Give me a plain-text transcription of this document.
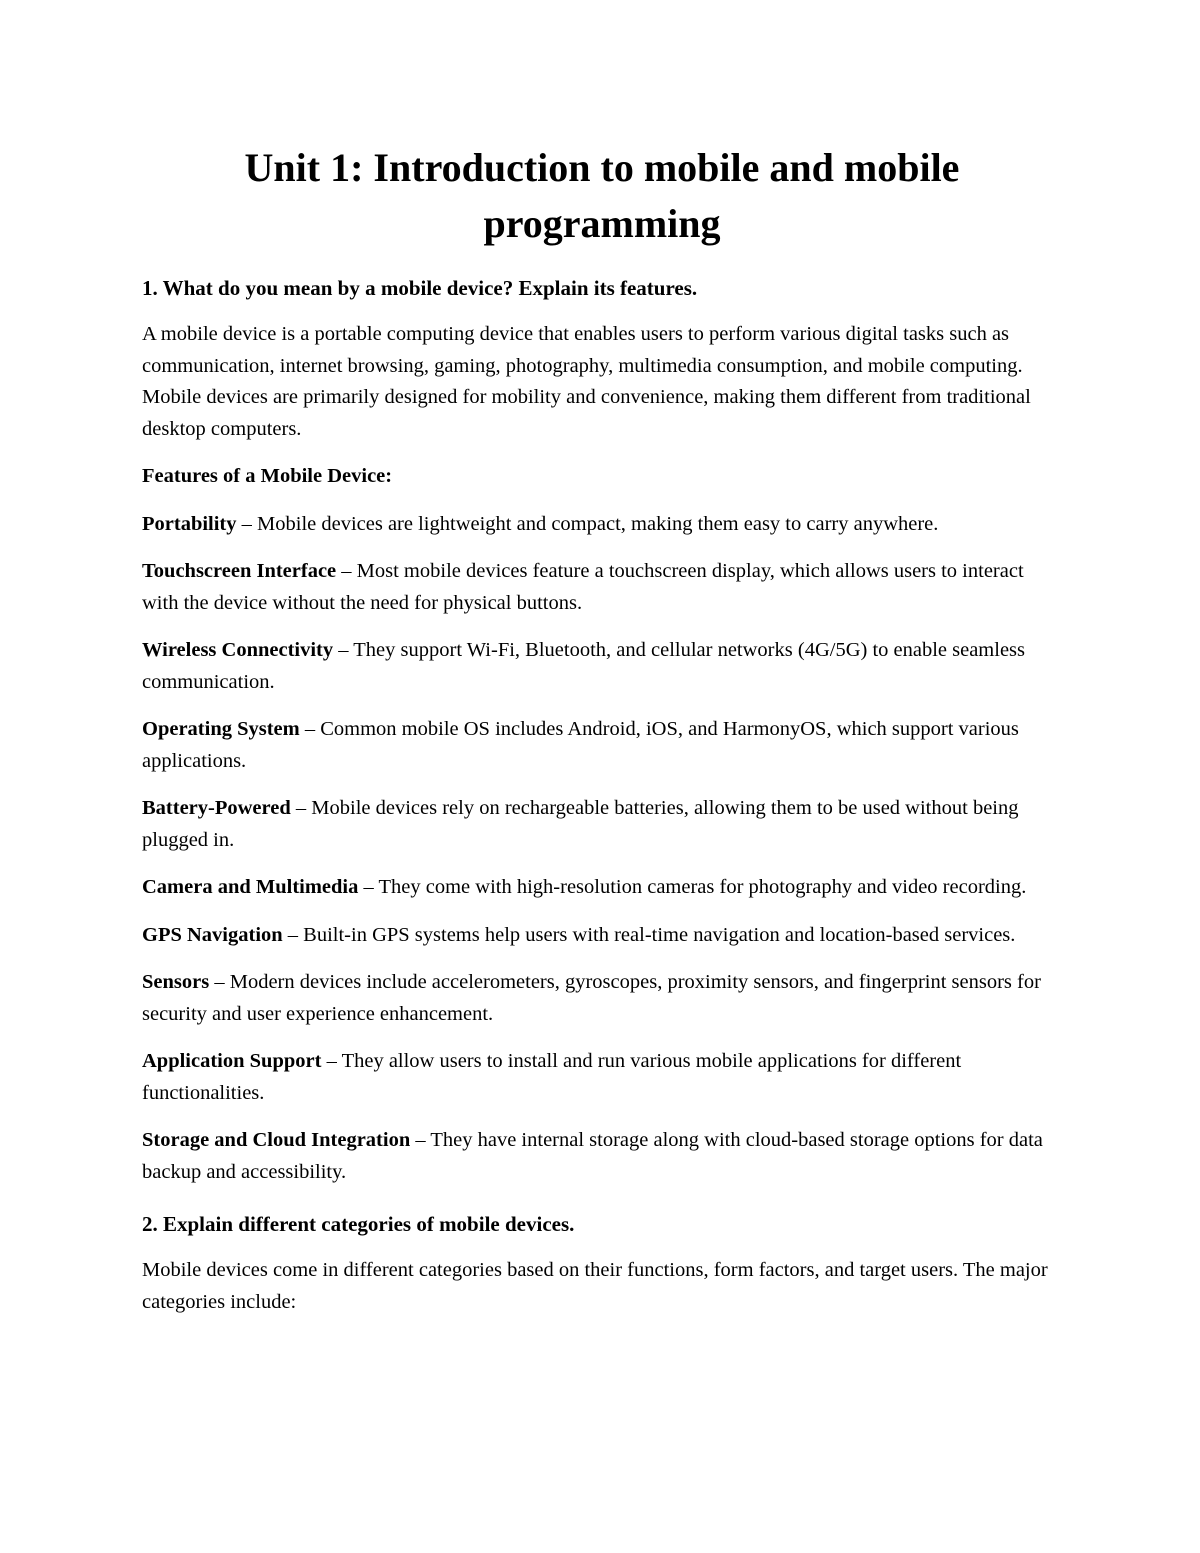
Unit 1: Introduction to mobile and mobile programming

1. What do you mean by a mobile device? Explain its features.

A mobile device is a portable computing device that enables users to perform various digital tasks such as communication, internet browsing, gaming, photography, multimedia consumption, and mobile computing. Mobile devices are primarily designed for mobility and convenience, making them different from traditional desktop computers.

Features of a Mobile Device:

Portability – Mobile devices are lightweight and compact, making them easy to carry anywhere.

Touchscreen Interface – Most mobile devices feature a touchscreen display, which allows users to interact with the device without the need for physical buttons.

Wireless Connectivity – They support Wi-Fi, Bluetooth, and cellular networks (4G/5G) to enable seamless communication.

Operating System – Common mobile OS includes Android, iOS, and HarmonyOS, which support various applications.

Battery-Powered – Mobile devices rely on rechargeable batteries, allowing them to be used without being plugged in.

Camera and Multimedia – They come with high-resolution cameras for photography and video recording.

GPS Navigation – Built-in GPS systems help users with real-time navigation and location-based services.

Sensors – Modern devices include accelerometers, gyroscopes, proximity sensors, and fingerprint sensors for security and user experience enhancement.

Application Support – They allow users to install and run various mobile applications for different functionalities.

Storage and Cloud Integration – They have internal storage along with cloud-based storage options for data backup and accessibility.

2. Explain different categories of mobile devices.

Mobile devices come in different categories based on their functions, form factors, and target users. The major categories include:
